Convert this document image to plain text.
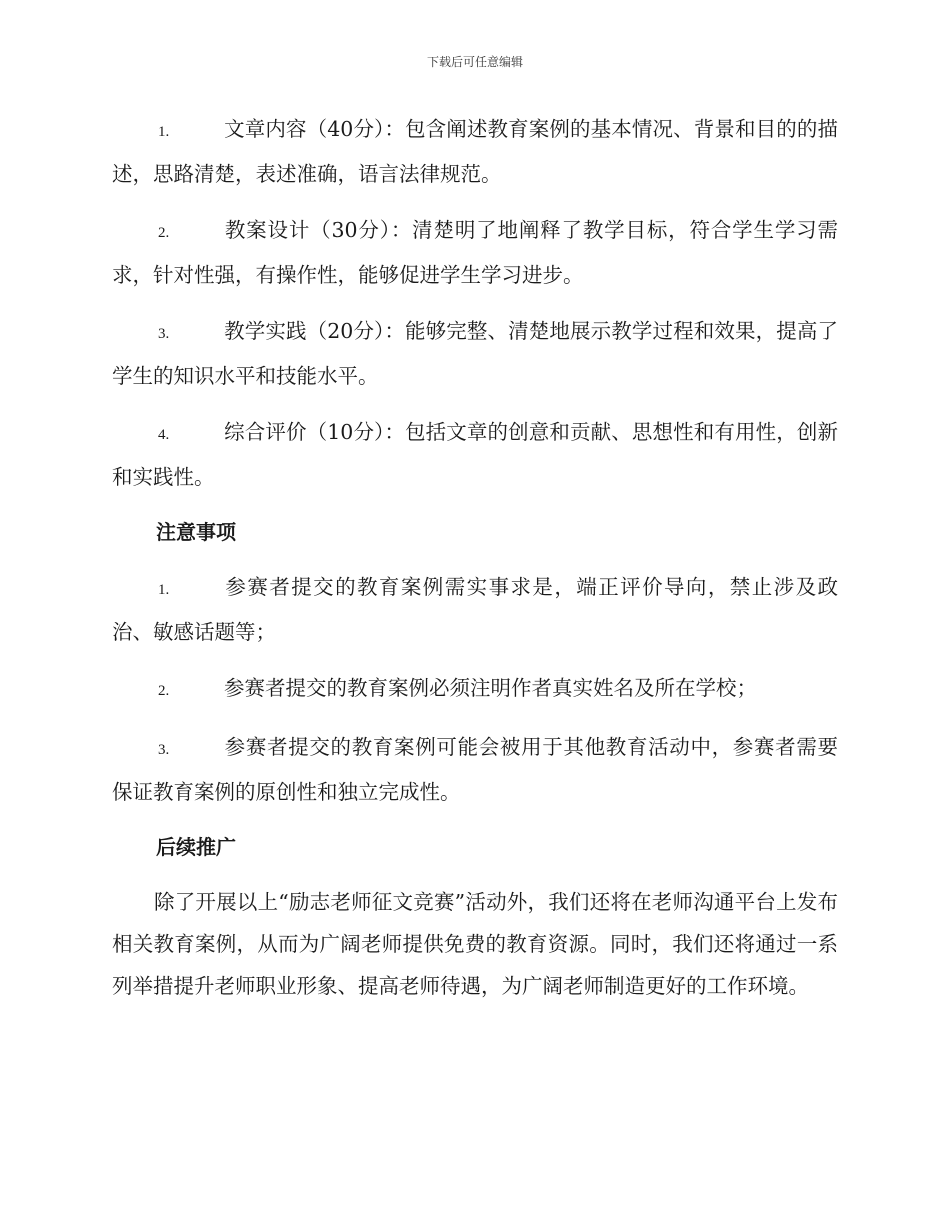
下载后可任意编辑

1.	文章内容（40分）：包含阐述教育案例的基本情况、背景和目的的描述，思路清楚，表述准确，语言法律规范。

2.	教案设计（30分）：清楚明了地阐释了教学目标，符合学生学习需求，针对性强，有操作性，能够促进学生学习进步。

3.	教学实践（20分）：能够完整、清楚地展示教学过程和效果，提高了学生的知识水平和技能水平。

4.	综合评价（10分）：包括文章的创意和贡献、思想性和有用性，创新和实践性。

注意事项

1.	参赛者提交的教育案例需实事求是，端正评价导向，禁止涉及政治、敏感话题等；

2.	参赛者提交的教育案例必须注明作者真实姓名及所在学校；

3.	参赛者提交的教育案例可能会被用于其他教育活动中，参赛者需要保证教育案例的原创性和独立完成性。

后续推广

除了开展以上“励志老师征文竞赛”活动外，我们还将在老师沟通平台上发布相关教育案例，从而为广阔老师提供免费的教育资源。同时，我们还将通过一系列举措提升老师职业形象、提高老师待遇，为广阔老师制造更好的工作环境。
